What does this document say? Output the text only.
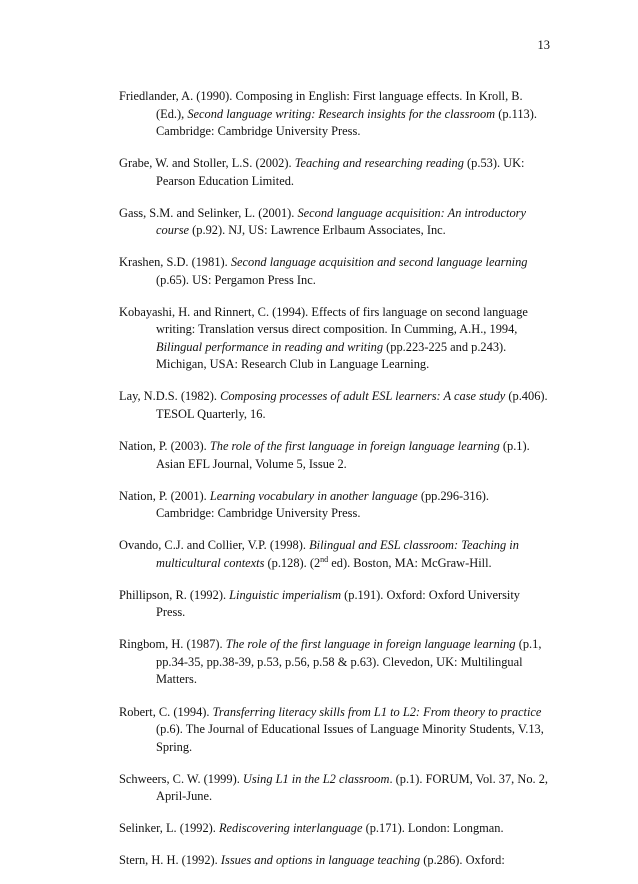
13

Friedlander, A. (1990). Composing in English: First language effects. In Kroll, B. (Ed.), Second language writing: Research insights for the classroom (p.113). Cambridge: Cambridge University Press.

Grabe, W. and Stoller, L.S. (2002). Teaching and researching reading (p.53). UK: Pearson Education Limited.

Gass, S.M. and Selinker, L. (2001). Second language acquisition: An introductory course (p.92). NJ, US: Lawrence Erlbaum Associates, Inc.

Krashen, S.D. (1981). Second language acquisition and second language learning (p.65). US: Pergamon Press Inc.

Kobayashi, H. and Rinnert, C. (1994). Effects of firs language on second language writing: Translation versus direct composition. In Cumming, A.H., 1994, Bilingual performance in reading and writing (pp.223-225 and p.243). Michigan, USA: Research Club in Language Learning.

Lay, N.D.S. (1982). Composing processes of adult ESL learners: A case study (p.406). TESOL Quarterly, 16.

Nation, P. (2003). The role of the first language in foreign language learning (p.1). Asian EFL Journal, Volume 5, Issue 2.

Nation, P. (2001). Learning vocabulary in another language (pp.296-316). Cambridge: Cambridge University Press.

Ovando, C.J. and Collier, V.P. (1998). Bilingual and ESL classroom: Teaching in multicultural contexts (p.128). (2nd ed). Boston, MA: McGraw-Hill.

Phillipson, R. (1992). Linguistic imperialism (p.191). Oxford: Oxford University Press.

Ringbom, H. (1987). The role of the first language in foreign language learning (p.1, pp.34-35, pp.38-39, p.53, p.56, p.58 & p.63). Clevedon, UK: Multilingual Matters.

Robert, C. (1994). Transferring literacy skills from L1 to L2: From theory to practice (p.6). The Journal of Educational Issues of Language Minority Students, V.13, Spring.

Schweers, C. W. (1999). Using L1 in the L2 classroom. (p.1). FORUM, Vol. 37, No. 2, April-June.

Selinker, L. (1992). Rediscovering interlanguage (p.171). London: Longman.

Stern, H. H. (1992). Issues and options in language teaching (p.286). Oxford:
